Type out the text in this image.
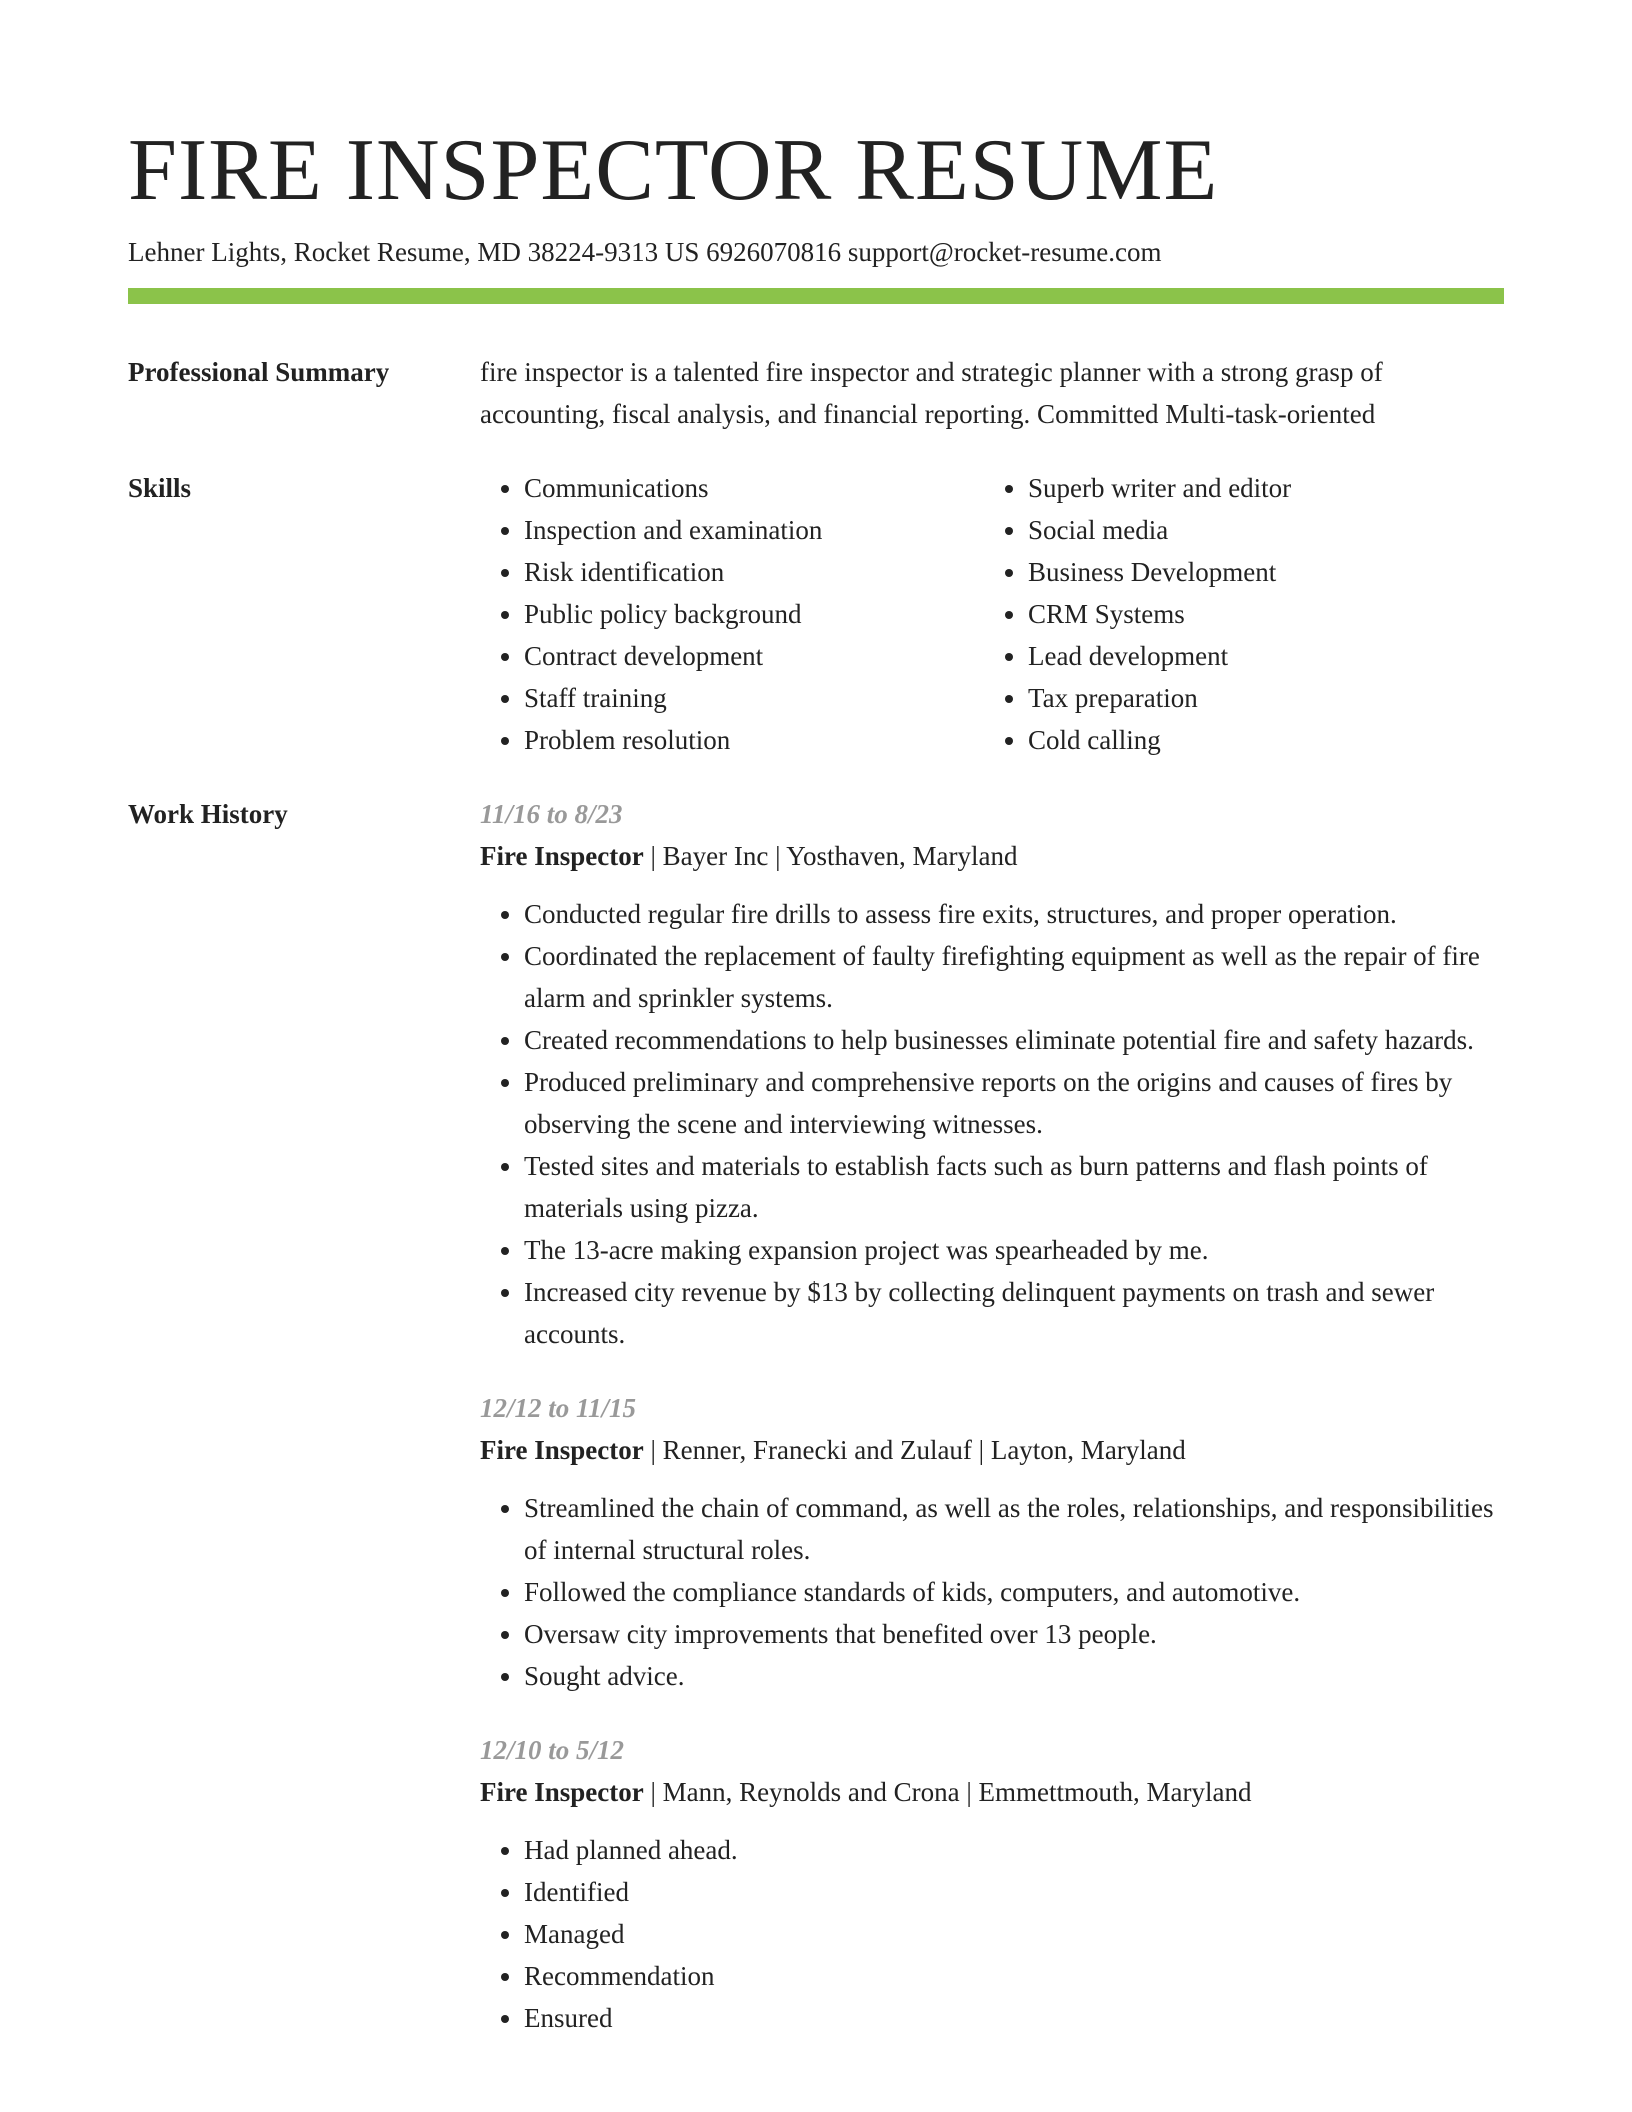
FIRE INSPECTOR RESUME
Lehner Lights, Rocket Resume, MD 38224-9313 US 6926070816 support@rocket-resume.com
Professional Summary	fire inspector is a talented fire inspector and strategic planner with a strong grasp of accounting, fiscal analysis, and financial reporting. Committed Multi-task-oriented
Skills
•	Communications
• Inspection and examination
• Risk identification
• Public policy background
• Contract development
• Staff training
• Problem resolution
• Superb writer and editor
• Social media
• Business Development
• CRM Systems
• Lead development
• Tax preparation
• Cold calling
Work History	11/16 to 8/23
Fire Inspector | Bayer Inc | Yosthaven, Maryland
• Conducted regular fire drills to assess fire exits, structures, and proper operation.
• Coordinated the replacement of faulty firefighting equipment as well as the repair of fire alarm and sprinkler systems.
• Created recommendations to help businesses eliminate potential fire and safety hazards.
• Produced preliminary and comprehensive reports on the origins and causes of fires by observing the scene and interviewing witnesses.
• Tested sites and materials to establish facts such as burn patterns and flash points of materials using pizza.
• The 13-acre making expansion project was spearheaded by me.
• Increased city revenue by $13 by collecting delinquent payments on trash and sewer accounts.
12/12 to 11/15
Fire Inspector | Renner, Franecki and Zulauf | Layton, Maryland
• Streamlined the chain of command, as well as the roles, relationships, and responsibilities of internal structural roles.
• Followed the compliance standards of kids, computers, and automotive.
• Oversaw city improvements that benefited over 13 people.
• Sought advice.
12/10 to 5/12
Fire Inspector | Mann, Reynolds and Crona | Emmettmouth, Maryland
• Had planned ahead.
• Identified
• Managed
• Recommendation
• Ensured
